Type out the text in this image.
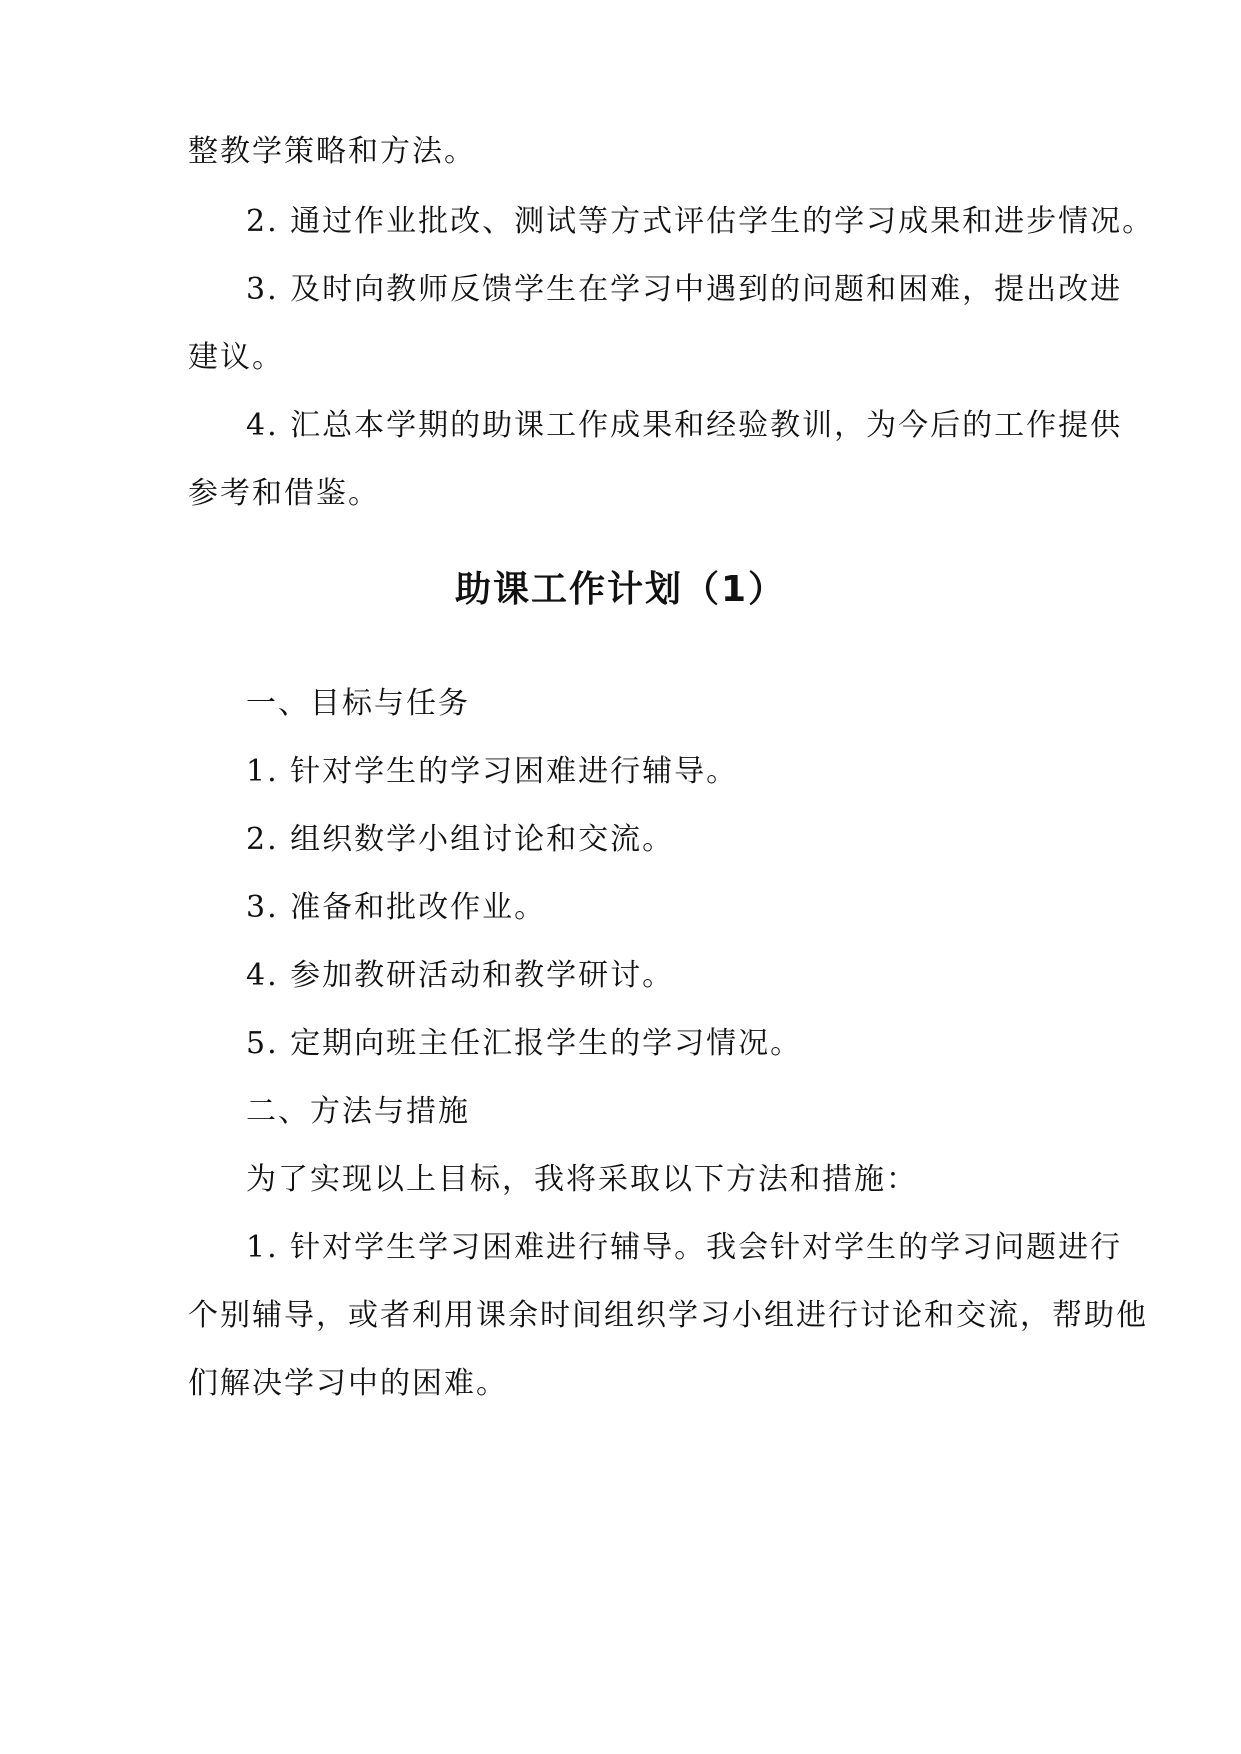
整教学策略和方法。
2. 通过作业批改、测试等方式评估学生的学习成果和进步情况。
3. 及时向教师反馈学生在学习中遇到的问题和困难，提出改进
建议。
4. 汇总本学期的助课工作成果和经验教训，为今后的工作提供
参考和借鉴。
助课工作计划（1）
一、目标与任务
1. 针对学生的学习困难进行辅导。
2. 组织数学小组讨论和交流。
3. 准备和批改作业。
4. 参加教研活动和教学研讨。
5. 定期向班主任汇报学生的学习情况。
二、方法与措施
为了实现以上目标，我将采取以下方法和措施：
1. 针对学生学习困难进行辅导。我会针对学生的学习问题进行
个别辅导，或者利用课余时间组织学习小组进行讨论和交流，帮助他
们解决学习中的困难。
